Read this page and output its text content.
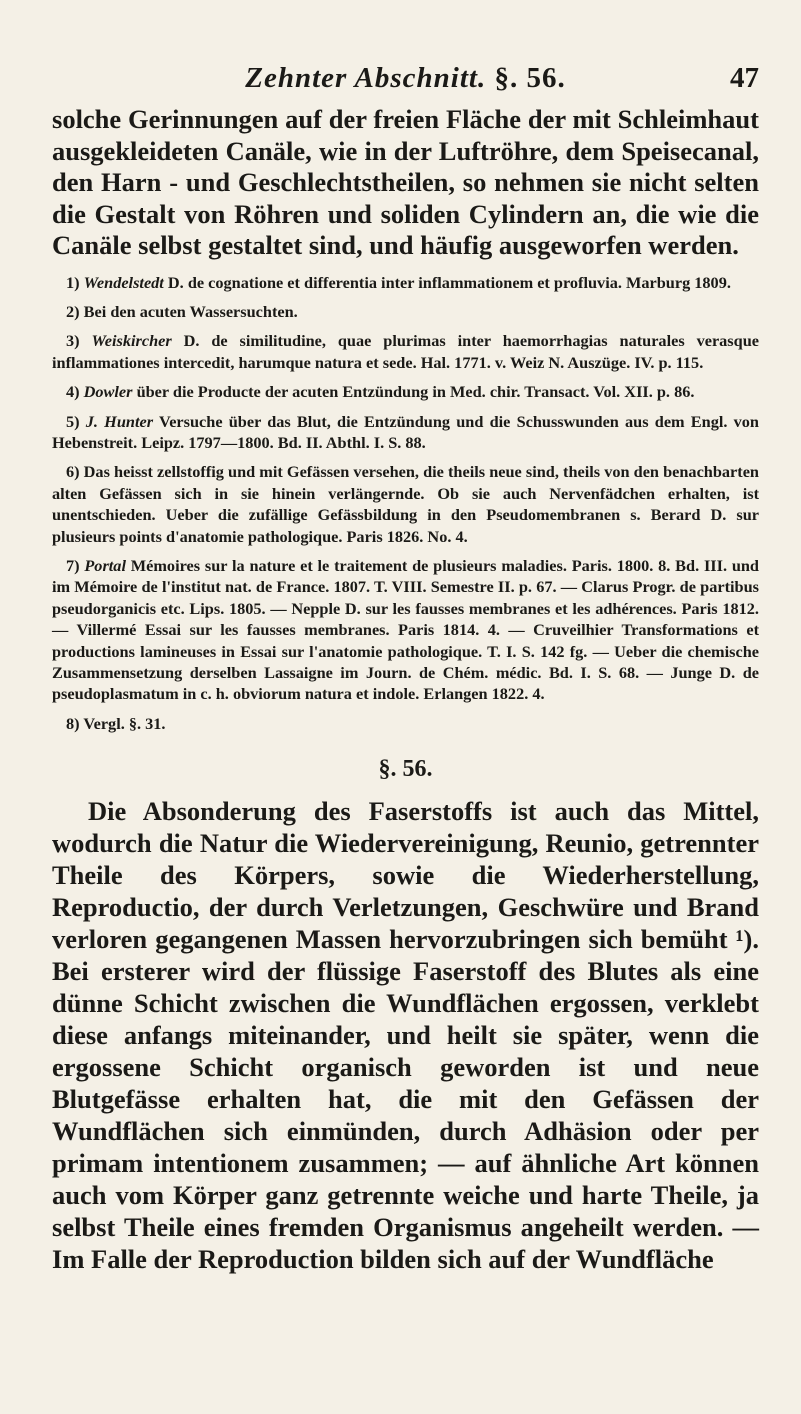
Zehnter Abschnitt. §. 56.	47

solche Gerinnungen auf der freien Fläche der mit Schleimhaut ausgekleideten Canäle, wie in der Luftröhre, dem Speisecanal, den Harn - und Geschlechtstheilen, so nehmen sie nicht selten die Gestalt von Röhren und soliden Cylindern an, die wie die Canäle selbst gestaltet sind, und häufig ausgeworfen werden.

1) Wendelstedt D. de cognatione et differentia inter inflammationem et profluvia. Marburg 1809.

2) Bei den acuten Wassersuchten.

3) Weiskircher D. de similitudine, quae plurimas inter haemorrhagias naturales verasque inflammationes intercedit, harumque natura et sede. Hal. 1771. v. Weiz N. Auszüge. IV. p. 115.

4) Dowler über die Producte der acuten Entzündung in Med. chir. Transact. Vol. XII. p. 86.

5) J. Hunter Versuche über das Blut, die Entzündung und die Schusswunden aus dem Engl. von Hebenstreit. Leipz. 1797—1800. Bd. II. Abthl. I. S. 88.

6) Das heisst zellstoffig und mit Gefässen versehen, die theils neue sind, theils von den benachbarten alten Gefässen sich in sie hinein verlängernde. Ob sie auch Nervenfädchen erhalten, ist unentschieden. Ueber die zufällige Gefässbildung in den Pseudomembranen s. Berard D. sur plusieurs points d'anatomie pathologique. Paris 1826. No. 4.

7) Portal Mémoires sur la nature et le traitement de plusieurs maladies. Paris. 1800. 8. Bd. III. und im Mémoire de l'institut nat. de France. 1807. T. VIII. Semestre II. p. 67. — Clarus Progr. de partibus pseudorganicis etc. Lips. 1805. — Nepple D. sur les fausses membranes et les adhérences. Paris 1812. — Villermé Essai sur les fausses membranes. Paris 1814. 4. — Cruveilhier Transformations et productions lamineuses in Essai sur l'anatomie pathologique. T. I. S. 142 fg. — Ueber die chemische Zusammensetzung derselben Lassaigne im Journ. de Chém. médic. Bd. I. S. 68. — Junge D. de pseudoplasmatum in c. h. obviorum natura et indole. Erlangen 1822. 4.

8) Vergl. §. 31.

§. 56.

Die Absonderung des Faserstoffs ist auch das Mittel, wodurch die Natur die Wiedervereinigung, Reunio, getrennter Theile des Körpers, sowie die Wiederherstellung, Reproductio, der durch Verletzungen, Geschwüre und Brand verloren gegangenen Massen hervorzubringen sich bemüht ¹). Bei ersterer wird der flüssige Faserstoff des Blutes als eine dünne Schicht zwischen die Wundflächen ergossen, verklebt diese anfangs miteinander, und heilt sie später, wenn die ergossene Schicht organisch geworden ist und neue Blutgefässe erhalten hat, die mit den Gefässen der Wundflächen sich einmünden, durch Adhäsion oder per primam intentionem zusammen; — auf ähnliche Art können auch vom Körper ganz getrennte weiche und harte Theile, ja selbst Theile eines fremden Organismus angeheilt werden. — Im Falle der Reproduction bilden sich auf der Wundfläche
